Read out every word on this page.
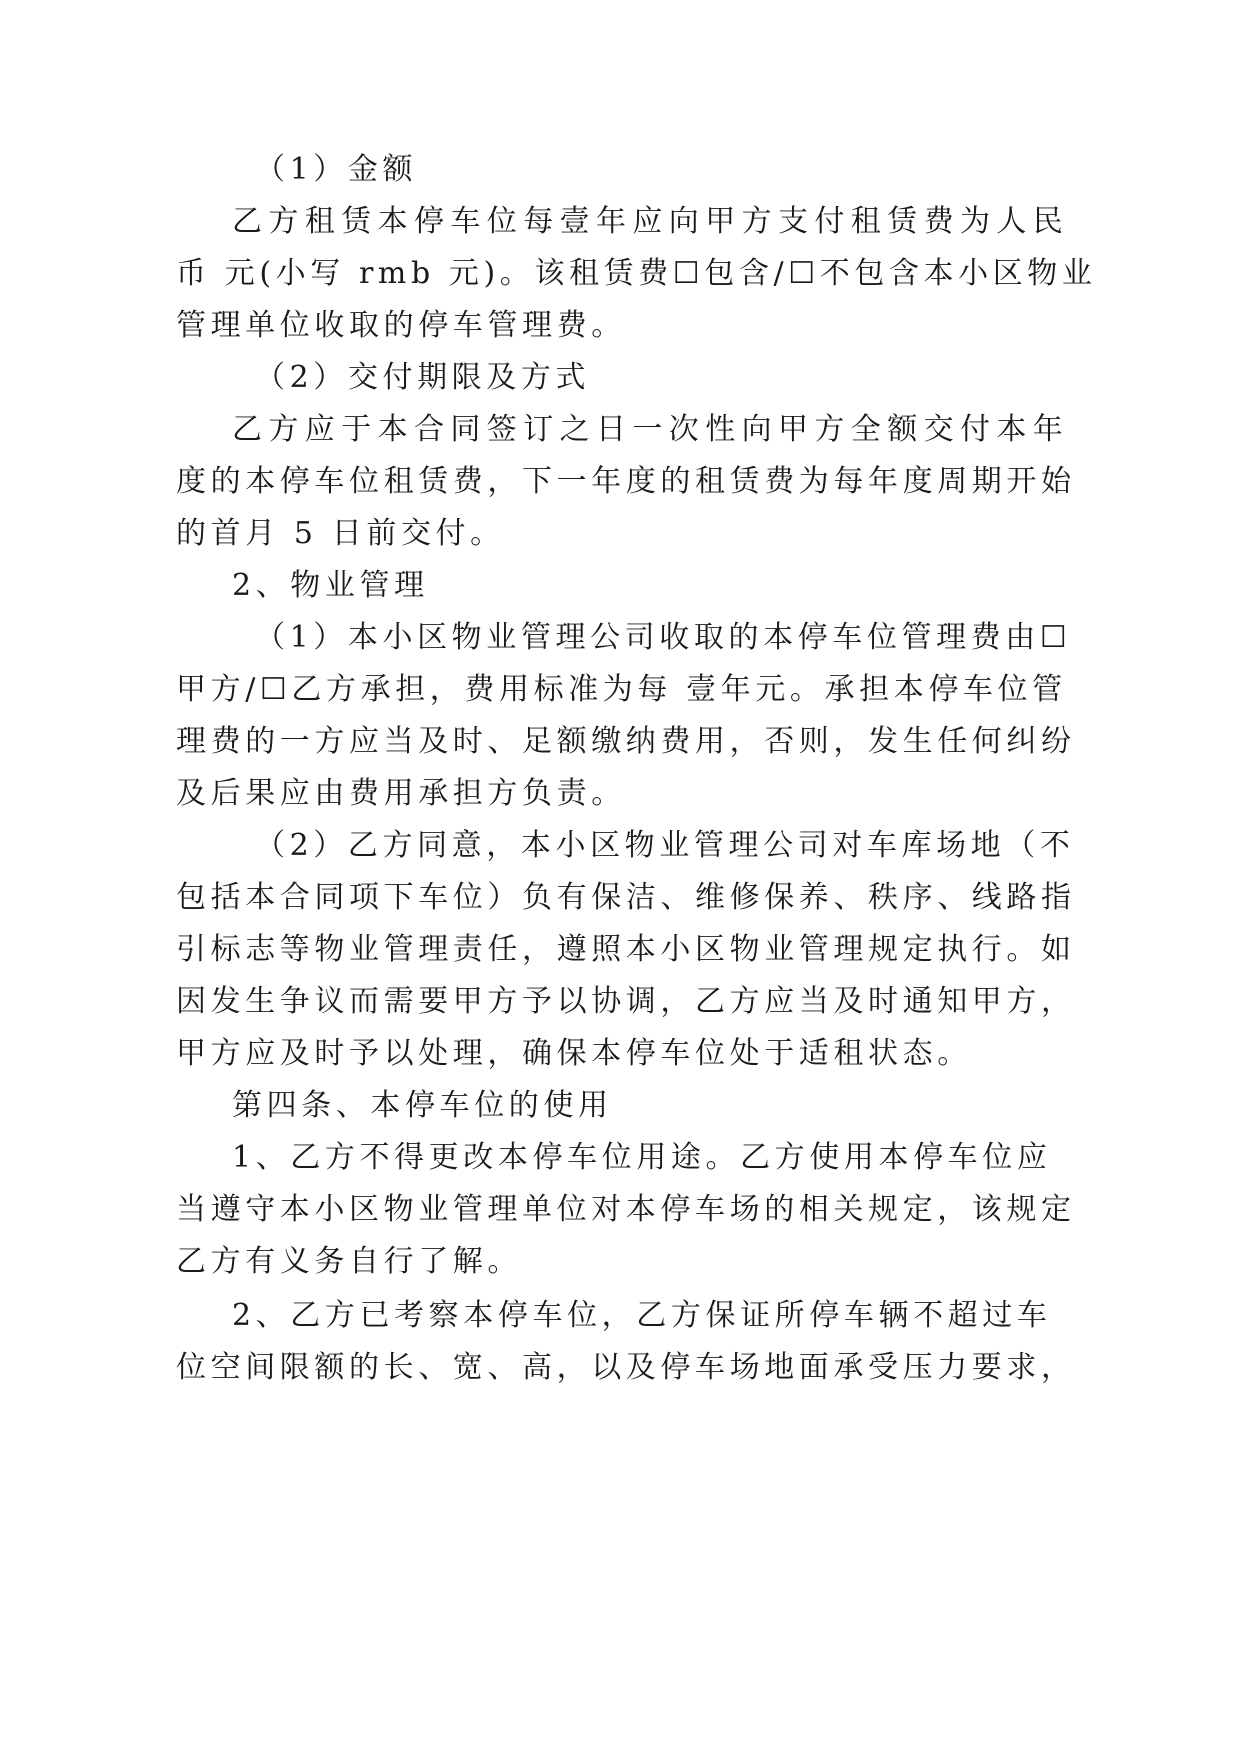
（1）金额
乙方租赁本停车位每壹年应向甲方支付租赁费为人民
币 元(小写 rmb 元)。该租赁费☐包含/☐不包含本小区物业
管理单位收取的停车管理费。
（2）交付期限及方式
乙方应于本合同签订之日一次性向甲方全额交付本年
度的本停车位租赁费，下一年度的租赁费为每年度周期开始
的首月 5 日前交付。
2、物业管理
（1）本小区物业管理公司收取的本停车位管理费由☐
甲方/☐乙方承担，费用标准为每 壹年元。承担本停车位管
理费的一方应当及时、足额缴纳费用，否则，发生任何纠纷
及后果应由费用承担方负责。
（2）乙方同意，本小区物业管理公司对车库场地（不
包括本合同项下车位）负有保洁、维修保养、秩序、线路指
引标志等物业管理责任，遵照本小区物业管理规定执行。如
因发生争议而需要甲方予以协调，乙方应当及时通知甲方，
甲方应及时予以处理，确保本停车位处于适租状态。
第四条、本停车位的使用
1、乙方不得更改本停车位用途。乙方使用本停车位应
当遵守本小区物业管理单位对本停车场的相关规定，该规定
乙方有义务自行了解。
2、乙方已考察本停车位，乙方保证所停车辆不超过车
位空间限额的长、宽、高，以及停车场地面承受压力要求，
